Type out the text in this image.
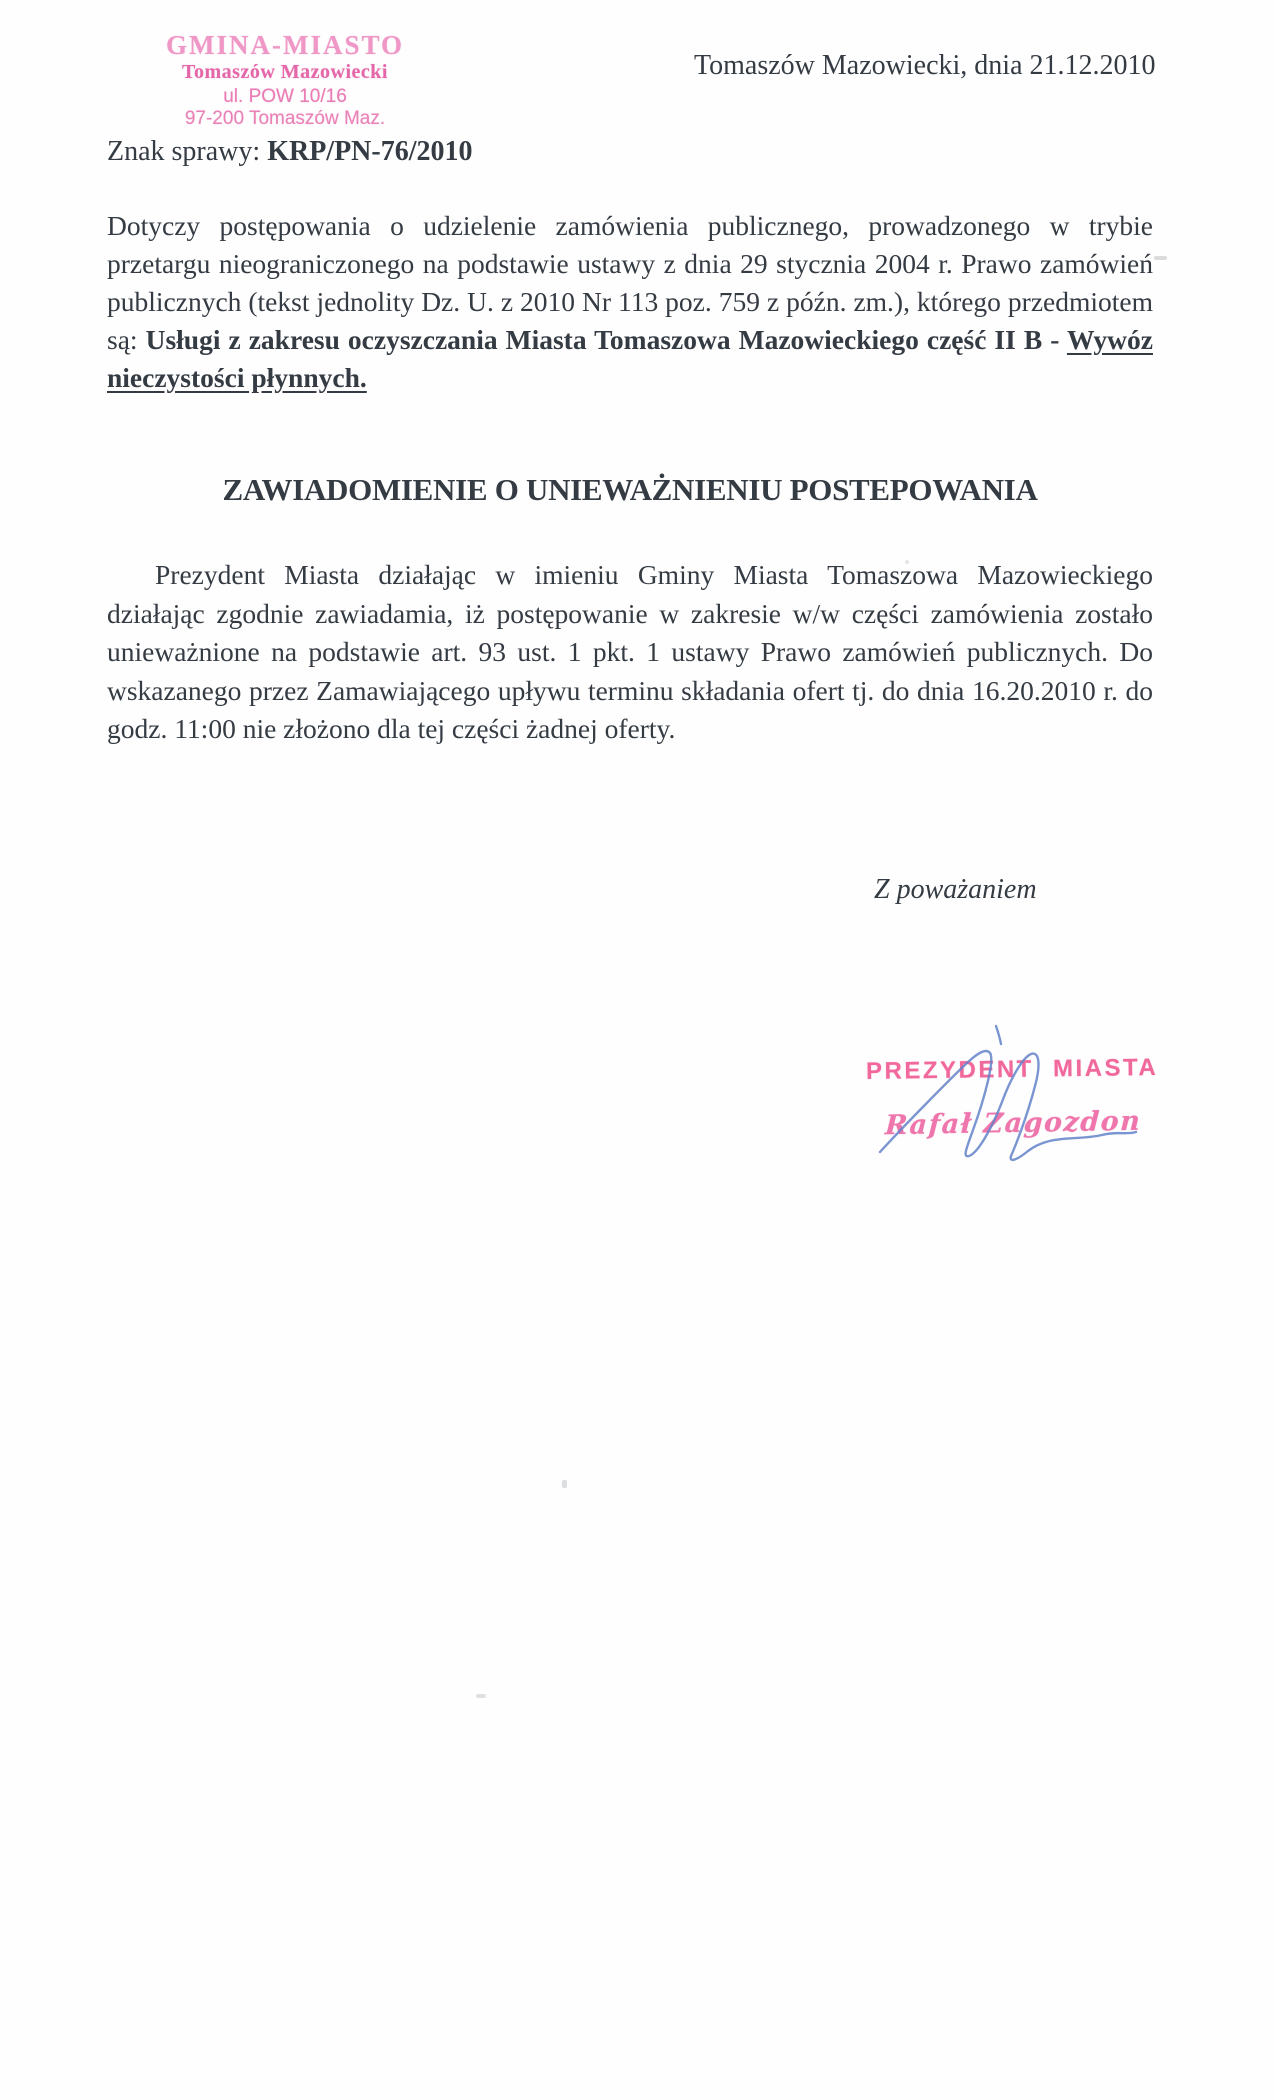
GMINA-MIASTO
Tomaszów Mazowiecki
ul. POW 10/16
97-200 Tomaszów Maz.
Tomaszów Mazowiecki, dnia 21.12.2010
Znak sprawy: KRP/PN-76/2010
Dotyczy postępowania o udzielenie zamówienia publicznego, prowadzonego w trybie przetargu nieograniczonego na podstawie ustawy z dnia 29 stycznia 2004 r. Prawo zamówień publicznych (tekst jednolity Dz. U. z 2010 Nr 113 poz. 759 z późn. zm.), którego przedmiotem są: Usługi z zakresu oczyszczania Miasta Tomaszowa Mazowieckiego część II B - Wywóz nieczystości płynnych.
ZAWIADOMIENIE O UNIEWAŻNIENIU POSTEPOWANIA
Prezydent Miasta działając w imieniu Gminy Miasta Tomaszowa Mazowieckiego działając zgodnie zawiadamia, iż postępowanie w zakresie w/w części zamówienia zostało unieważnione na podstawie art. 93 ust. 1 pkt. 1 ustawy Prawo zamówień publicznych. Do wskazanego przez Zamawiającego upływu terminu składania ofert tj. do dnia 16.20.2010 r. do godz. 11:00 nie złożono dla tej części żadnej oferty.
Z poważaniem
PREZYDENT MIASTA
Rafał Zagozdon
